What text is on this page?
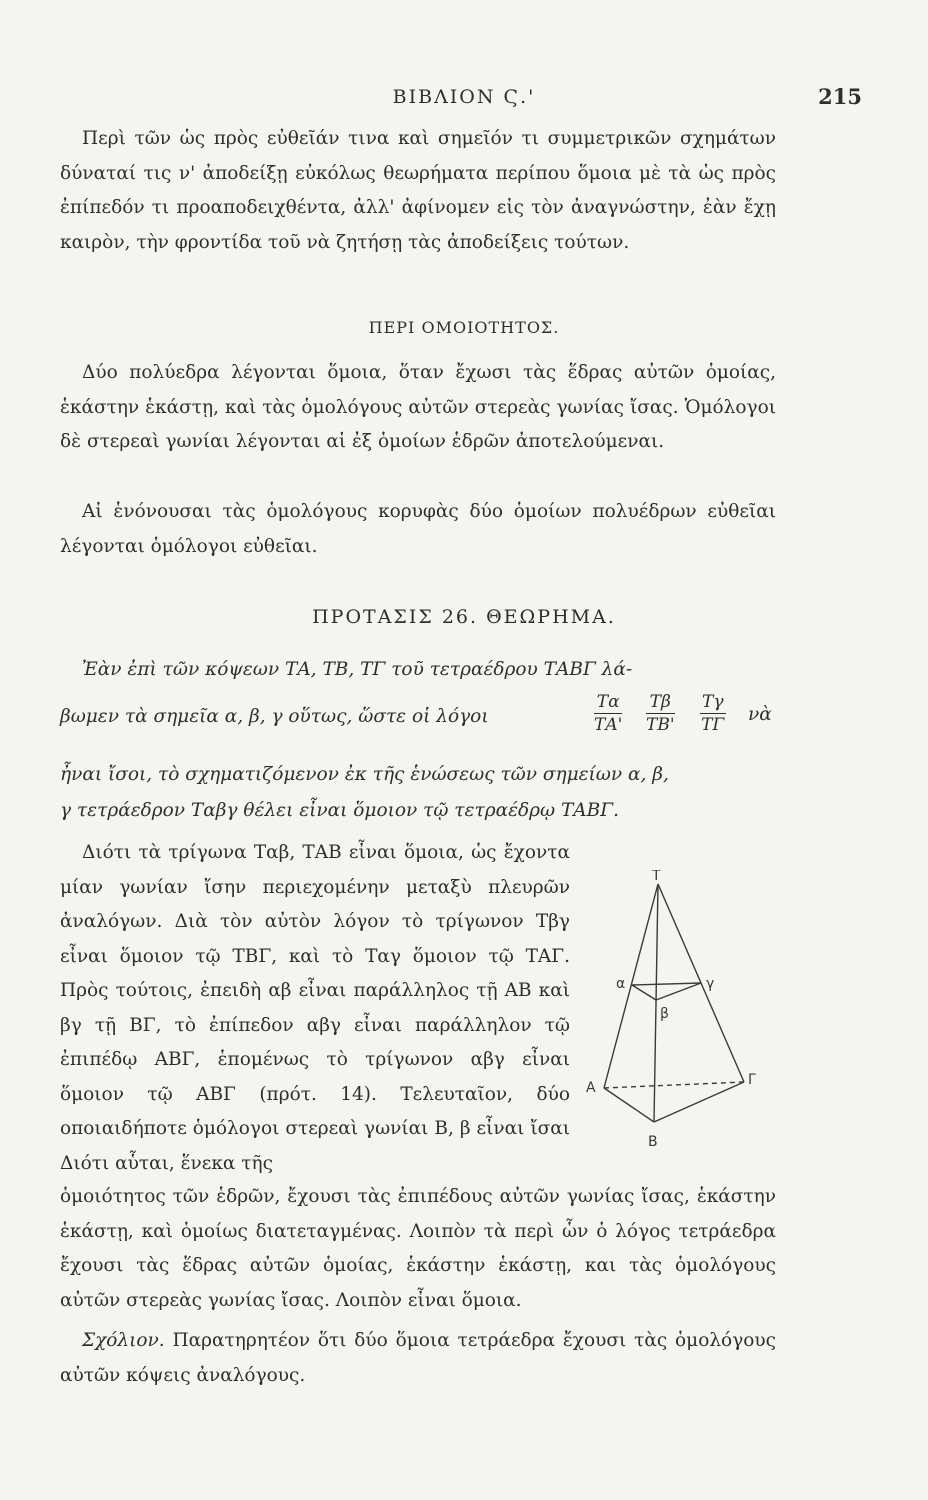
ΒΙΒΛΙΟΝ Ϛ.'	215

Περὶ τῶν ὡς πρὸς εὐθεῖάν τινα καὶ σημεῖόν τι συμμετρικῶν σχημάτων δύναταί τις ν' ἀποδείξῃ εὐκόλως θεωρήματα περίπου ὅμοια μὲ τὰ ὡς πρὸς ἐπίπεδόν τι προαποδειχθέντα, ἀλλ' ἀφίνομεν εἰς τὸν ἀναγνώστην, ἐὰν ἔχῃ καιρὸν, τὴν φροντίδα τοῦ νὰ ζητήσῃ τὰς ἀποδείξεις τούτων.

ΠΕΡΙ ΟΜΟΙΟΤΗΤΟΣ.

Δύο πολύεδρα λέγονται ὅμοια, ὅταν ἔχωσι τὰς ἕδρας αὐτῶν ὁμοίας, ἑκάστην ἑκάστῃ, καὶ τὰς ὁμολόγους αὐτῶν στερεὰς γωνίας ἴσας. Ὁμόλογοι δὲ στερεαὶ γωνίαι λέγονται αἱ ἐξ ὁμοίων ἑδρῶν ἀποτελούμεναι.

Αἱ ἑνόνουσαι τὰς ὁμολόγους κορυφὰς δύο ὁμοίων πολυέδρων εὐθεῖαι λέγονται ὁμόλογοι εὐθεῖαι.

ΠΡΟΤΑΣΙΣ 26. ΘΕΩΡΗΜΑ.
Ἐὰν ἐπὶ τῶν κόψεων ΤΑ, ΤΒ, ΤΓ τοῦ τετραέδρου ΤΑΒΓ λά-
βωμεν τὰ σημεῖα α, β, γ οὕτως, ὥστε οἱ λόγοι	$\frac{T\alpha}{TA'} \frac{T\beta}{TB'} \frac{T\gamma}{T\Gamma}$ νὰ
ἦναι ἴσοι, τὸ σχηματιζόμενον ἐκ τῆς ἑνώσεως τῶν σημείων α, β,
γ τετράεδρον Ταβγ θέλει εἶναι ὅμοιον τῷ τετραέδρῳ ΤΑΒΓ.

Διότι τὰ τρίγωνα Ταβ, ΤΑΒ εἶναι ὅμοια, ὡς ἔχοντα μίαν γωνίαν ἴσην περιεχομένην μεταξὺ πλευρῶν ἀναλόγων. Διὰ τὸν αὐτὸν λόγον τὸ τρίγωνον Τβγ εἶναι ὅμοιον τῷ ΤΒΓ, καὶ τὸ Ταγ ὅμοιον τῷ ΤΑΓ. Πρὸς τούτοις, ἐπειδὴ αβ εἶναι παράλληλος τῇ ΑΒ καὶ βγ τῇ ΒΓ, τὸ ἐπίπεδον αβγ εἶναι παράλληλον τῷ ἐπιπέδῳ ΑΒΓ, ἑπομένως τὸ τρίγωνον αβγ εἶναι ὅμοιον τῷ ΑΒΓ (πρότ. 14). Τελευταῖον, δύο οποιαιδήποτε ὁμόλογοι στερεαὶ γωνίαι Β, β εἶναι ἴσαι Διότι αὗται, ἕνεκα τῆς

T
α	γ
β
A	Γ
B

ὁμοιότητος τῶν ἑδρῶν, ἔχουσι τὰς ἐπιπέδους αὐτῶν γωνίας ἴσας, ἑκάστην ἑκάστῃ, καὶ ὁμοίως διατεταγμένας. Λοιπὸν τὰ περὶ ὧν ὁ λόγος τετράεδρα ἔχουσι τὰς ἕδρας αὐτῶν ὁμοίας, ἑκάστην ἑκάστῃ, και τὰς ὁμολόγους αὐτῶν στερεὰς γωνίας ἴσας. Λοιπὸν εἶναι ὅμοια.

Σχόλιον. Παρατηρητέον ὅτι δύο ὅμοια τετράεδρα ἔχουσι τὰς ὁμολόγους αὐτῶν κόψεις ἀναλόγους.
